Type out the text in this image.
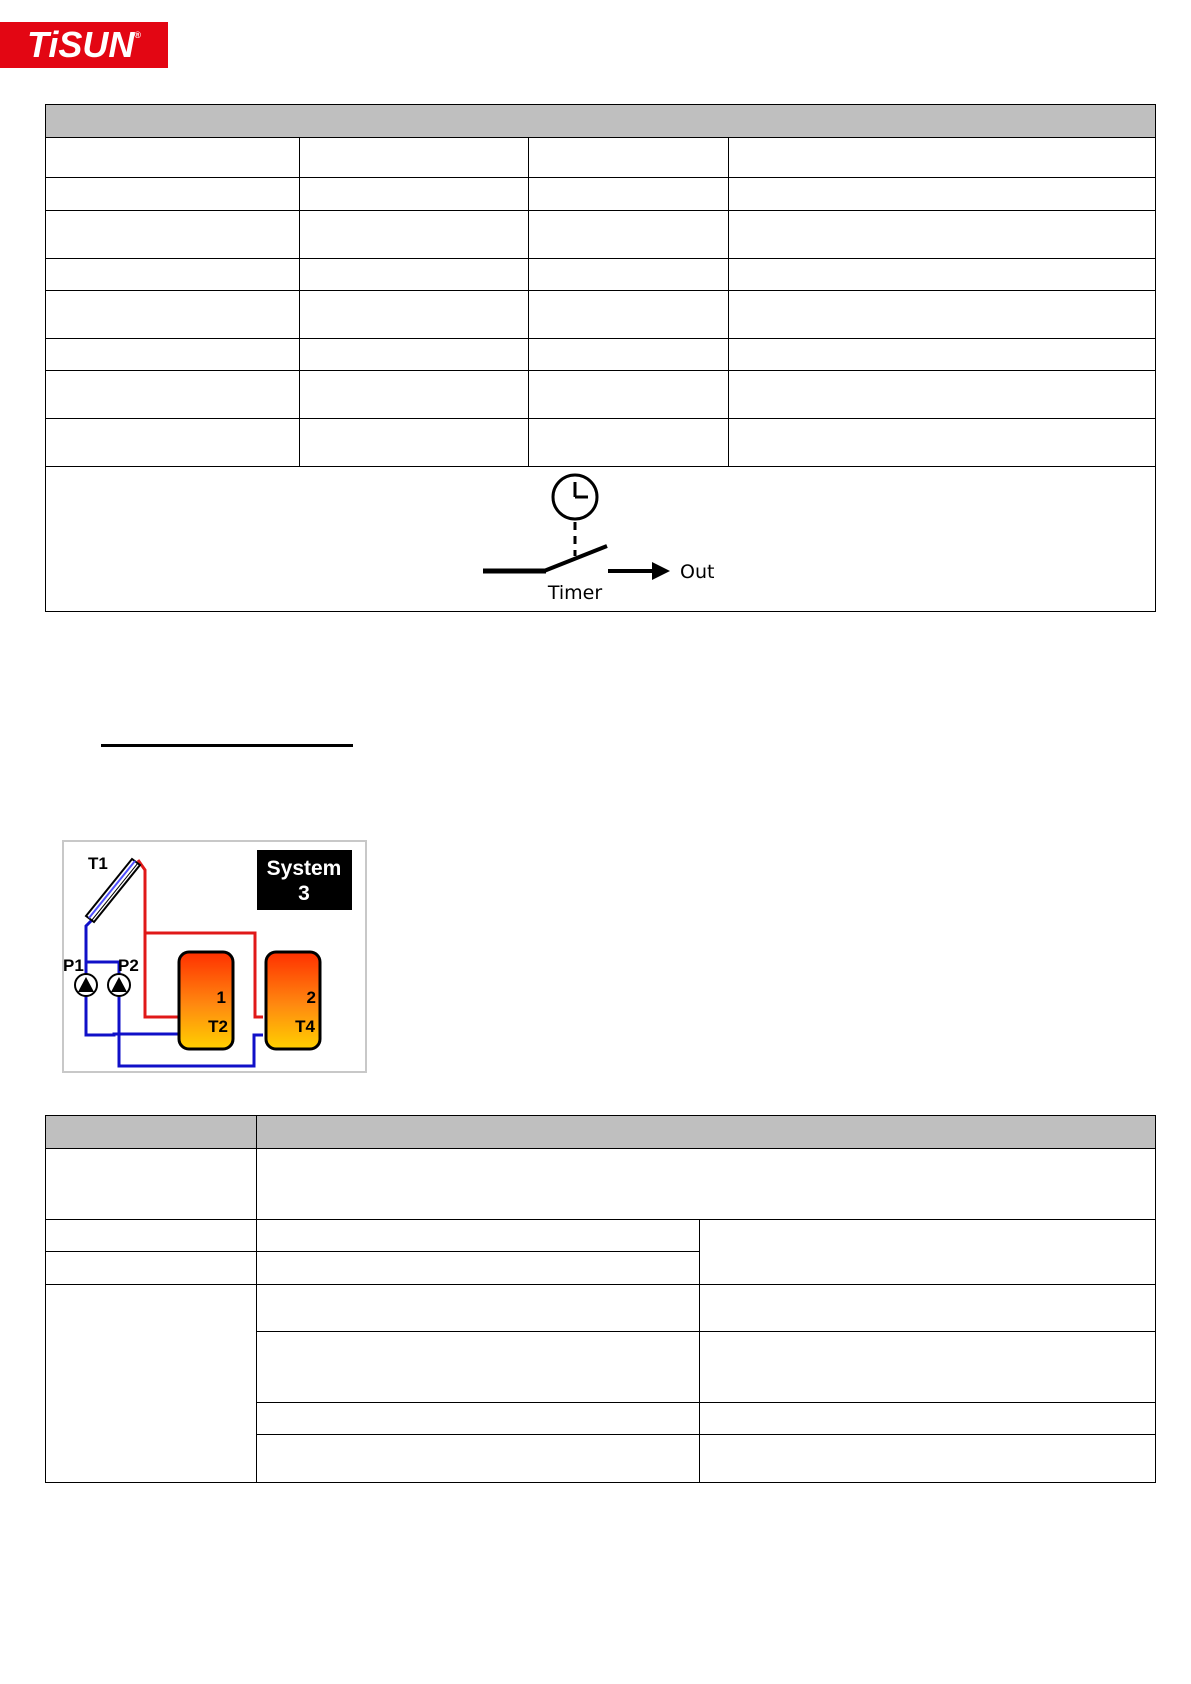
TiSUN®

Timer
Out
System
3
T1
P1 P2
1
T2
2
T4
